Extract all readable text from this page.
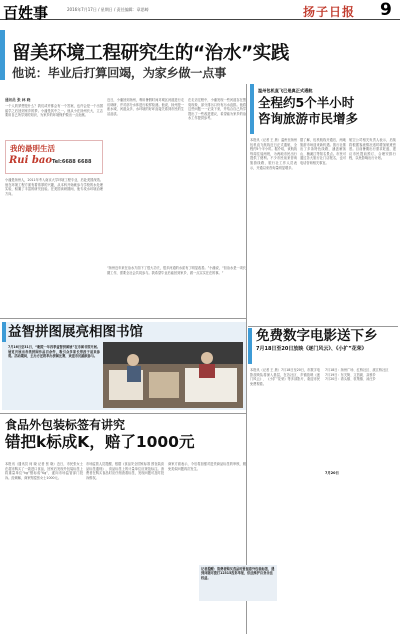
百姓事	2016年7月17日 / 星期日 / 责任编辑：章思畴	扬子日报 9
留美环境工程研究生的“治水”实践
他说：毕业后打算回竭，为家乡做一点事
通讯员 张 林 晓
一个人的梦想是什么？我们或许都会有一个答案，也许会是一个出国留学之后回到家乡的梦。小潘是其中之一。他从小在扬州长大，立志要用自己所学到的知识，为家乡的环境保护做出一点贡献。
我的最明生活
Rui bao Tel:6688 6688
小潘是扬州人，2011年考入南京大学环境工程专业，后赴美国深造。他在环境工程方面有着浓厚的兴趣，从本科开始就参与学校的水处理实验，积累了丰富的研究经验。在美国读研期间，他专攻水环境治理方向。
近日，小潘回到扬州，利用暑假时间对城区河道进行走访调研，并对部分水体进行取样检测。他说，扬州是一座水城，河道众多，水环境的好坏直接关系到市民的生活品质。
在走访过程中，小潘发现一些河道存在黑臭现象，部分排污口仍有污水直排。他将这些问题一一记录下来，并结合自己所学提出了一些改进建议，希望能为家乡的治水工作提供参考。
温州包机直飞已是真正式通航
全程约5个半小时
咨询旅游市民增多
本报讯（记者 王 晨）温州至扬州包机直飞航线近日正式通航，全程约5个半小时。据介绍，该航线每周往返两班，为两地市民出行提供了便利。不少市民前来咨询旅游线路，旅行社工作人员表示，开通以来咨询量明显增多。
据了解，包机航线开通后，两地旅游市场迎来新机遇。旅行社推出了多条特色线路，涵盖雁荡山、楠溪江等知名景点。市民可通过各大旅行社门店报名，也可电话咨询相关事宜。
航空公司相关负责人表示，后续将根据客流情况适时增加航班密度。目前暑期出行需求旺盛，建议市民提前预订，合理安排行程，以免影响出行计划。
“扬州近年来在治水方面下了很大功夫，很多河道的水质有了明显改善。”小潘说，“但治水是一项长期工作，需要全社会共同参与。我希望毕业后能回到家乡，做一点实实在在的事。”
益智拼图展亮相图书馆
7月16日至31日，“毗陵一年四季益智拼图展”在市图书馆开展。展览共展出各类拼图作品百余件，吸引众多家长带孩子前来参观。活动期间，主办方还将举办拼图比赛，欢迎市民踊跃参与。
食品外包装标签有讲究
错把k标成K，赔了1000元
本报讯（通讯员 何 晓 记者 张 晓）近日，市民张女士在超市购买了一款进口食品，回家后发现外包装标签上将重量单位“kg”错标成“Kg”，遂向市场监管部门投诉。经调解，商家赔偿张女士1000元。
市场监管人员提醒，根据《食品安全国家标准 预包装食品标签通则》，食品标签上的计量单位应规范标注。消费者在购买食品时应仔细查看标签，发现问题可及时投诉维权。
商家方面表示，今后将加强对进货商品标签的审核，避免类似问题再次发生。
记者提醒：消费者购买食品时要留意外包装标签，遇到问题可拨打12315投诉举报，依法维护自身合法权益。
免费数字电影送下乡
7月18日至20日放映《逐门风云》、《小扩”花荣》
本报讯（记者 王 晨）7月18日至20日，市数字电影放映队将深入基层，在各社区、乡镇放映《逐门风云》、《小扩”花荣》等多部影片，欢迎市民免费观看。
7月20日
7月18日：扬州广场、红桥社区、渡江桥社区
7月19日：东关街、文昌阁、双桥乡
7月20日：湾头镇、杭集镇、汤汪乡
